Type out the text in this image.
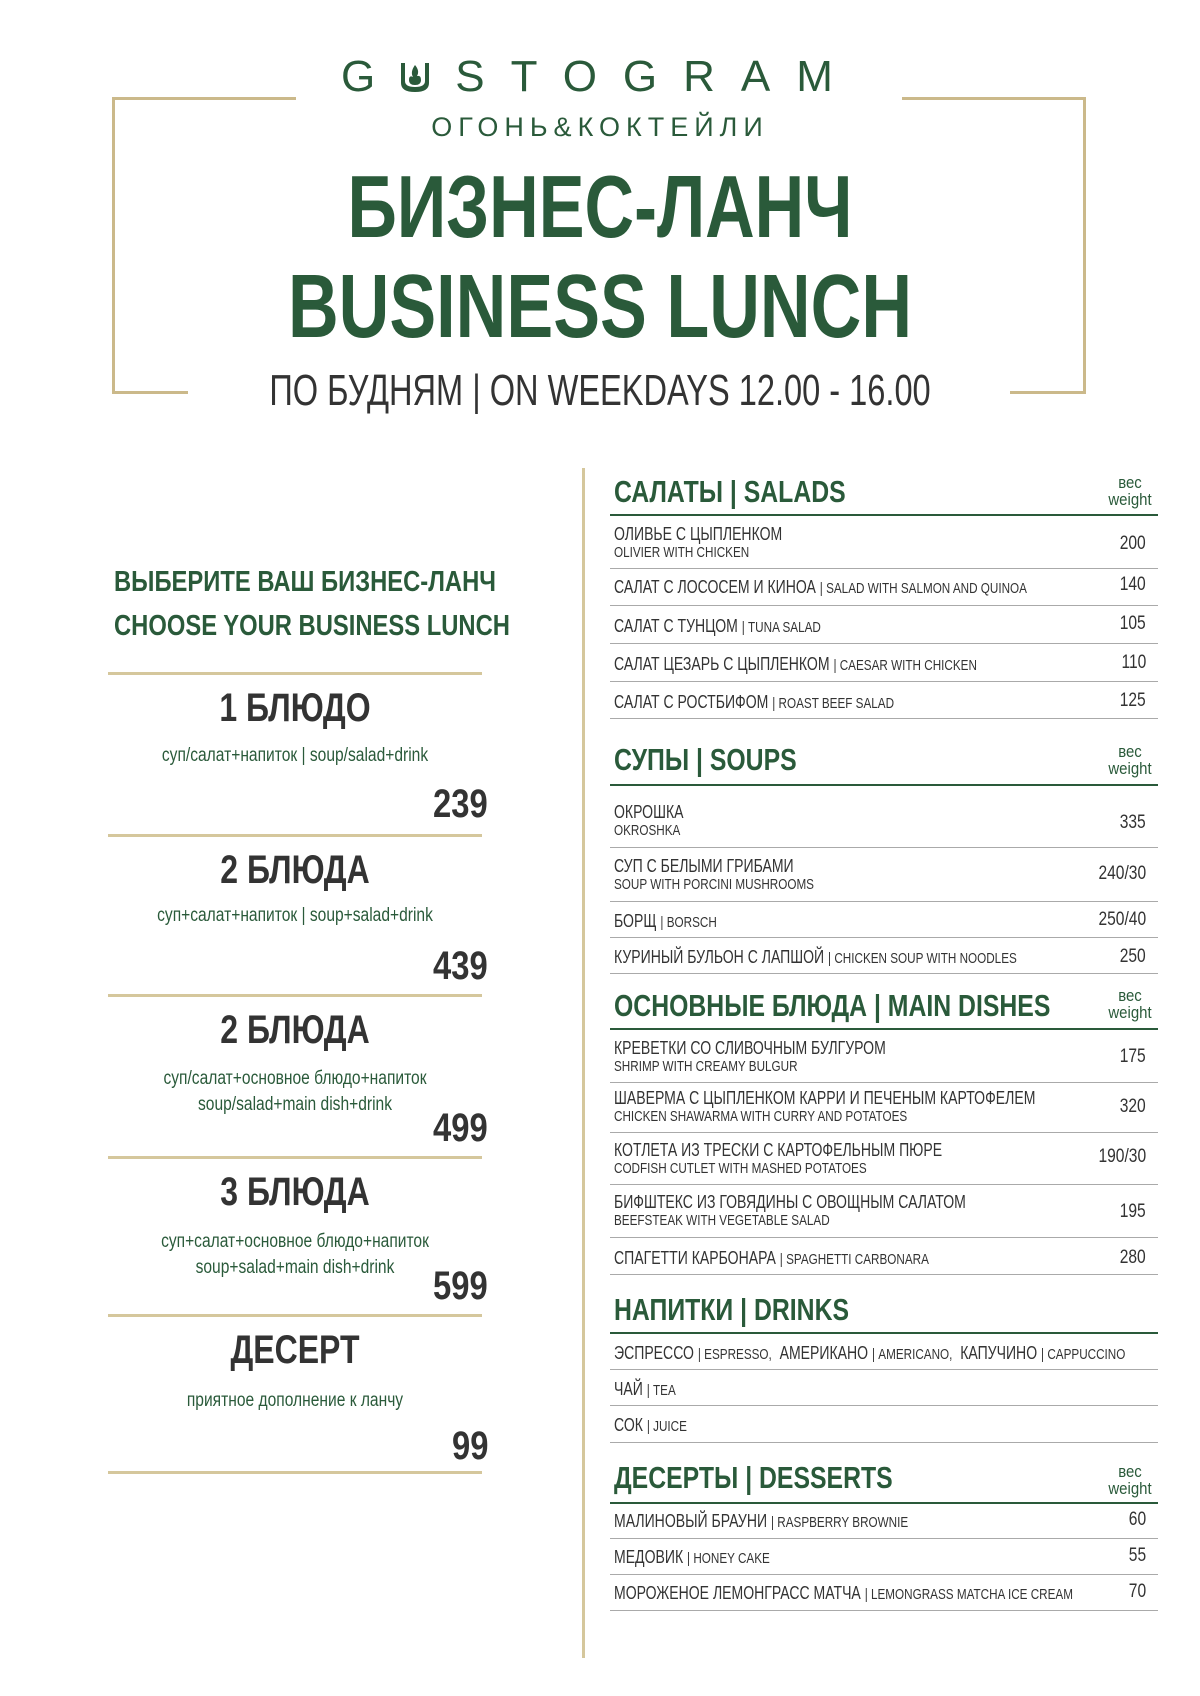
G STOGRAM
ОГОНЬ&КОКТЕЙЛИ
БИЗНЕС-ЛАНЧ
BUSINESS LUNCH
ПО БУДНЯМ | ON WEEKDAYS 12.00 - 16.00
ВЫБЕРИТЕ ВАШ БИЗНЕС-ЛАНЧ
CHOOSE YOUR BUSINESS LUNCH
1 БЛЮДО
суп/салат+напиток | soup/salad+drink
239
2 БЛЮДА
суп+салат+напиток | soup+salad+drink
439
2 БЛЮДА
суп/салат+основное блюдо+напиток
soup/salad+main dish+drink
499
3 БЛЮДА
суп+салат+основное блюдо+напиток
soup+salad+main dish+drink 599
ДЕСЕРТ
приятное дополнение к ланчу
99
САЛАТЫ | SALADS	вес
weight
ОЛИВЬЕ С ЦЫПЛЕНКОМ
OLIVIER WITH CHICKEN	200
САЛАТ С ЛОСОСЕМ И КИНОА | SALAD WITH SALMON AND QUINOA	140
САЛАТ С ТУНЦОМ | TUNA SALAD	105
САЛАТ ЦЕЗАРЬ С ЦЫПЛЕНКОМ | CAESAR WITH CHICKEN	110
САЛАТ С РОСТБИФОМ | ROAST BEEF SALAD	125
СУПЫ | SOUPS	вес
weight
ОКРОШКА
OKROSHKA	335
СУП С БЕЛЫМИ ГРИБАМИ
SOUP WITH PORCINI MUSHROOMS
240/30
БОРЩ | BORSCH	250/40
КУРИНЫЙ БУЛЬОН С ЛАПШОЙ | CHICKEN SOUP WITH NOODLES	250
ОСНОВНЫЕ БЛЮДА | MAIN DISHES	вес
weight
КРЕВЕТКИ СО СЛИВОЧНЫМ БУЛГУРОМ
SHRIMP WITH CREAMY BULGUR	175
ШАВЕРМА С ЦЫПЛЕНКОМ КАРРИ И ПЕЧЕНЫМ КАРТОФЕЛЕМ
CHICKEN SHAWARMA WITH CURRY AND POTATOES	320
КОТЛЕТА ИЗ ТРЕСКИ С КАРТОФЕЛЬНЫМ ПЮРЕ
CODFISH CUTLET WITH MASHED POTATOES
190/30
БИФШТЕКС ИЗ ГОВЯДИНЫ С ОВОЩНЫМ САЛАТОМ
BEEFSTEAK WITH VEGETABLE SALAD	195
СПАГЕТТИ КАРБОНАРА | SPAGHETTI CARBONARA	280
НАПИТКИ | DRINKS
ЭСПРЕССО | ESPRESSO, АМЕРИКАНО | AMERICANO, КАПУЧИНО | CAPPUCCINO
ЧАЙ | TEA
СОК | JUICE
ДЕСЕРТЫ | DESSERTS	вес
weight
МАЛИНОВЫЙ БРАУНИ | RASPBERRY BROWNIE	60
МЕДОВИК | HONEY CAKE	55
МОРОЖЕНОЕ ЛЕМОНГРАСС МАТЧА | LEMONGRASS MATCHA ICE CREAM	70
